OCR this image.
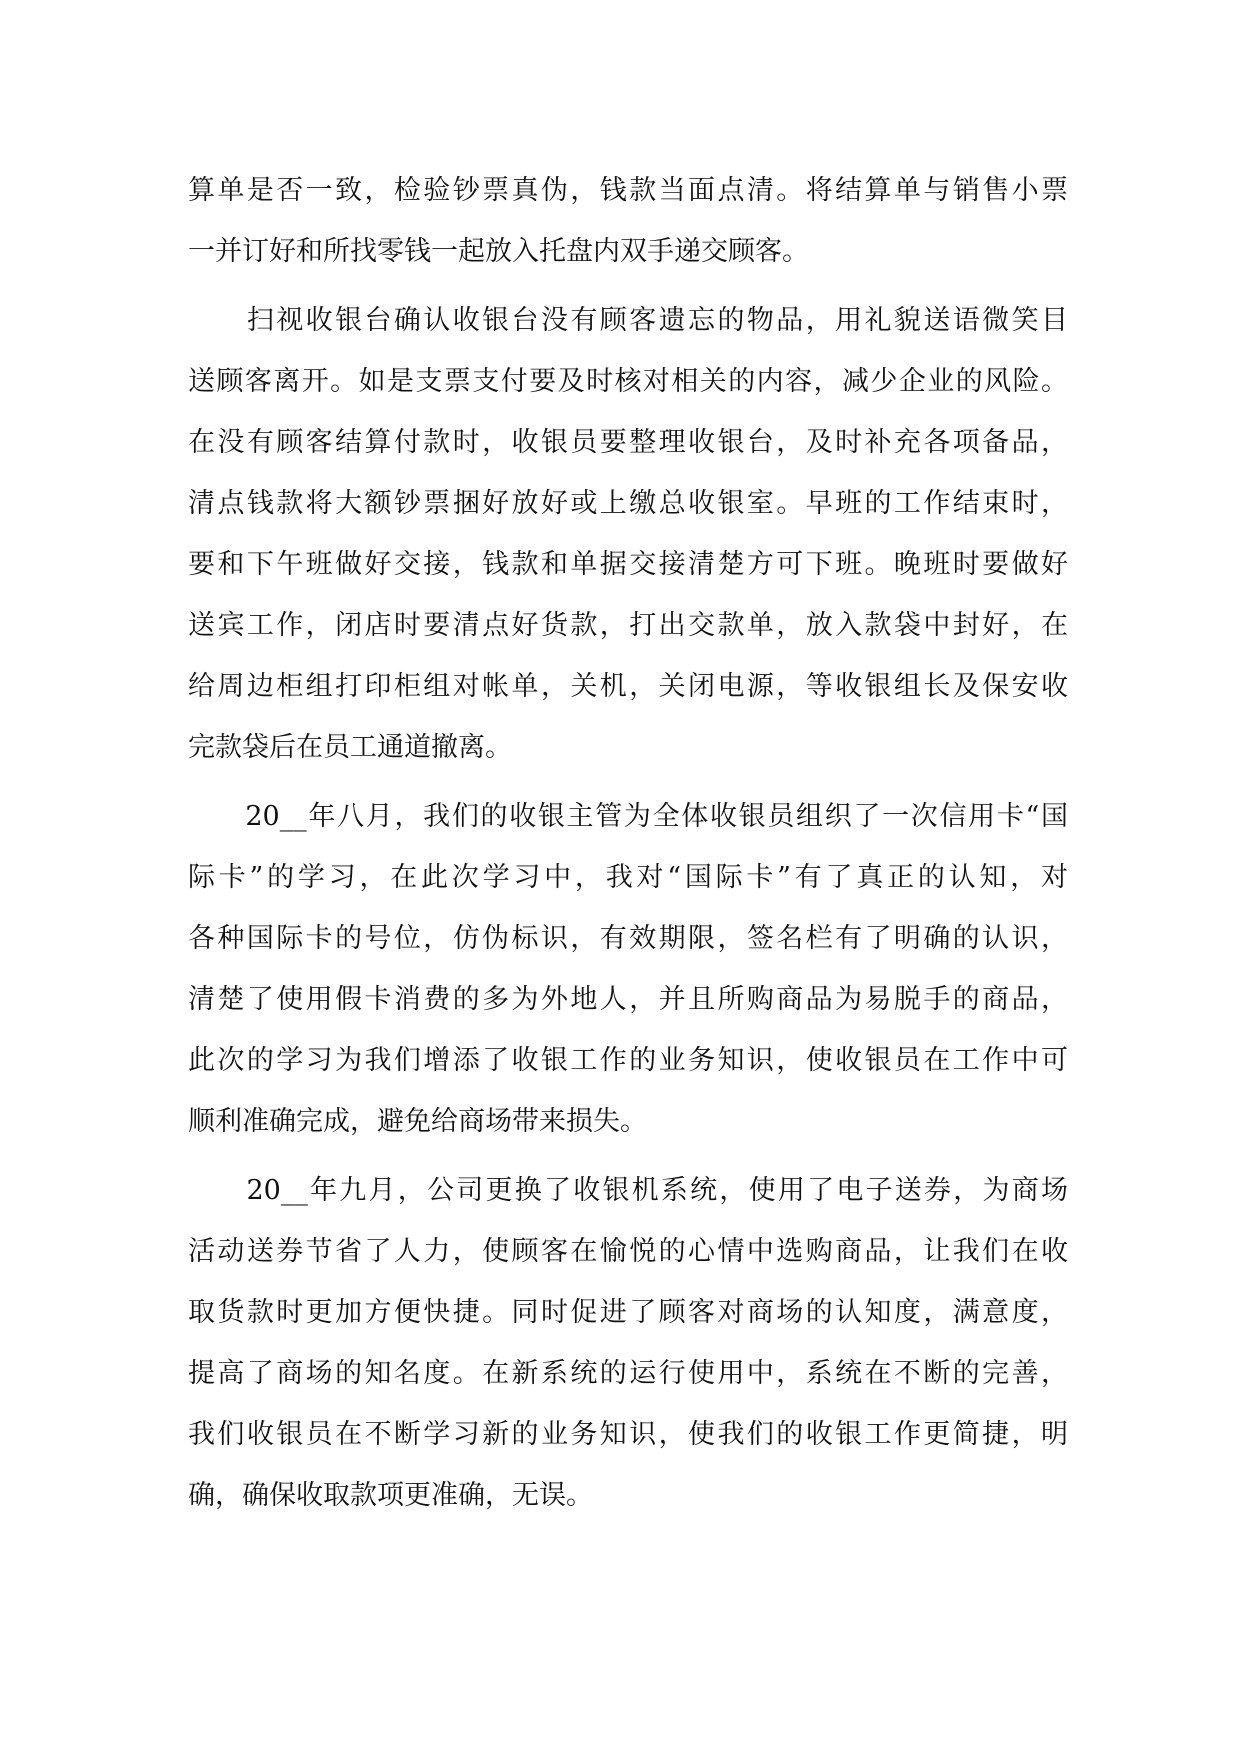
算单是否一致，检验钞票真伪，钱款当面点清。将结算单与销售小票
一并订好和所找零钱一起放入托盘内双手递交顾客。
　　扫视收银台确认收银台没有顾客遗忘的物品，用礼貌送语微笑目
送顾客离开。如是支票支付要及时核对相关的内容，减少企业的风险。
在没有顾客结算付款时，收银员要整理收银台，及时补充各项备品，
清点钱款将大额钞票捆好放好或上缴总收银室。早班的工作结束时，
要和下午班做好交接，钱款和单据交接清楚方可下班。晚班时要做好
送宾工作，闭店时要清点好货款，打出交款单，放入款袋中封好，在
给周边柜组打印柜组对帐单，关机，关闭电源，等收银组长及保安收
完款袋后在员工通道撤离。
　　20__年八月，我们的收银主管为全体收银员组织了一次信用卡“国
际卡”的学习，在此次学习中，我对“国际卡”有了真正的认知，对
各种国际卡的号位，仿伪标识，有效期限，签名栏有了明确的认识，
清楚了使用假卡消费的多为外地人，并且所购商品为易脱手的商品，
此次的学习为我们增添了收银工作的业务知识，使收银员在工作中可
顺利准确完成，避免给商场带来损失。
　　20__年九月，公司更换了收银机系统，使用了电子送券，为商场
活动送券节省了人力，使顾客在愉悦的心情中选购商品，让我们在收
取货款时更加方便快捷。同时促进了顾客对商场的认知度，满意度，
提高了商场的知名度。在新系统的运行使用中，系统在不断的完善，
我们收银员在不断学习新的业务知识，使我们的收银工作更简捷，明
确，确保收取款项更准确，无误。
